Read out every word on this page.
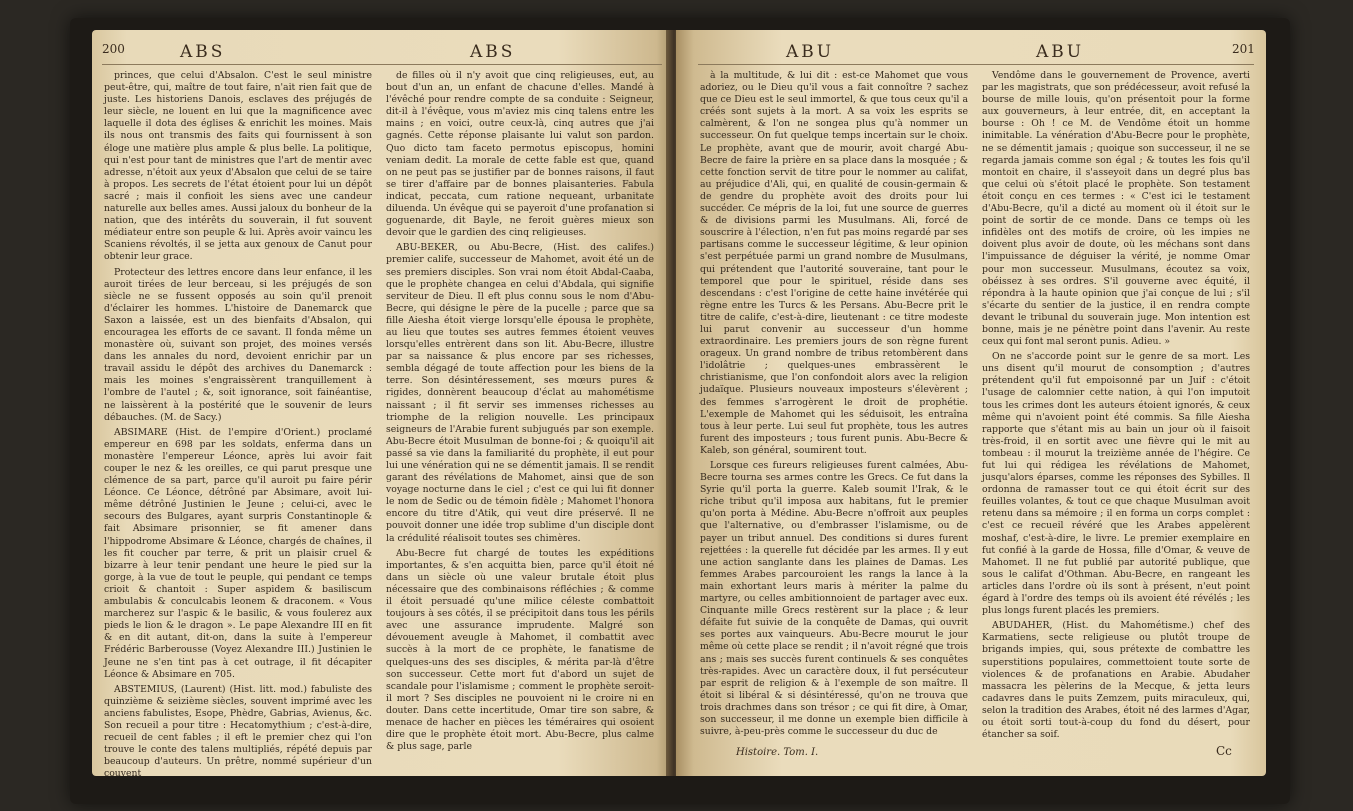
200	ABS	ABS

princes, que celui d'Absalon. C'est le seul ministre peut-être, qui, maître de tout faire, n'ait rien fait que de juste. Les historiens Danois, esclaves des préjugés de leur siècle, ne louent en lui que la magnificence avec laquelle il dota des églises & enrichit les moines. Mais ils nous ont transmis des faits qui fournissent à son éloge une matière plus ample & plus belle. La politique, qui n'est pour tant de ministres que l'art de mentir avec adresse, n'étoit aux yeux d'Absalon que celui de se taire à propos. Les secrets de l'état étoient pour lui un dépôt sacré ; mais il confioit les siens avec une candeur naturelle aux belles ames. Aussi jaloux du bonheur de la nation, que des intérêts du souverain, il fut souvent médiateur entre son peuple & lui. Après avoir vaincu les Scaniens révoltés, il se jetta aux genoux de Canut pour obtenir leur grace.

Protecteur des lettres encore dans leur enfance, il les auroit tirées de leur berceau, si les préjugés de son siècle ne se fussent opposés au soin qu'il prenoit d'éclairer les hommes. L'histoire de Danemarck que Saxon a laissée, est un des bienfaits d'Absalon, qui encouragea les efforts de ce savant. Il fonda même un monastère où, suivant son projet, des moines versés dans les annales du nord, devoient enrichir par un travail assidu le dépôt des archives du Danemarck : mais les moines s'engraissèrent tranquillement à l'ombre de l'autel ; &, soit ignorance, soit fainéantise, ne laissèrent à la postérité que le souvenir de leurs débauches. (M. de Sacy.)

ABSIMARE (Hist. de l'empire d'Orient.) proclamé empereur en 698 par les soldats, enferma dans un monastère l'empereur Léonce, après lui avoir fait couper le nez & les oreilles, ce qui parut presque une clémence de sa part, parce qu'il auroit pu faire périr Léonce. Ce Léonce, détrôné par Absimare, avoit lui-même détrôné Justinien le Jeune ; celui-ci, avec le secours des Bulgares, ayant surpris Constantinople & fait Absimare prisonnier, se fit amener dans l'hippodrome Absimare & Léonce, chargés de chaînes, il les fit coucher par terre, & prit un plaisir cruel & bizarre à leur tenir pendant une heure le pied sur la gorge, à la vue de tout le peuple, qui pendant ce temps crioit & chantoit : Super aspidem & basiliscum ambulabis & conculcabis leonem & draconem. « Vous marcherez sur l'aspic & le basilic, & vous foulerez aux pieds le lion & le dragon ». Le pape Alexandre III en fit & en dit autant, dit-on, dans la suite à l'empereur Frédéric Barberousse (Voyez Alexandre III.) Justinien le Jeune ne s'en tint pas à cet outrage, il fit décapiter Léonce & Absimare en 705.

ABSTEMIUS, (Laurent) (Hist. litt. mod.) fabuliste des quinzième & seizième siècles, souvent imprimé avec les anciens fabulistes, Esope, Phèdre, Gabrias, Avienus, &c. Son recueil a pour titre : Hecatomythium ; c'est-à-dire, recueil de cent fables ; il eft le premier chez qui l'on trouve le conte des talens multipliés, répété depuis par beaucoup d'auteurs. Un prêtre, nommé supérieur d'un couvent

de filles où il n'y avoit que cinq religieuses, eut, au bout d'un an, un enfant de chacune d'elles. Mandé à l'évêché pour rendre compte de sa conduite : Seigneur, dit-il à l'évêque, vous m'aviez mis cinq talens entre les mains ; en voici, outre ceux-là, cinq autres que j'ai gagnés. Cette réponse plaisante lui valut son pardon. Quo dicto tam faceto permotus episcopus, homini veniam dedit. La morale de cette fable est que, quand on ne peut pas se justifier par de bonnes raisons, il faut se tirer d'affaire par de bonnes plaisanteries. Fabula indicat, peccata, cum ratione nequeant, urbanitate diluenda. Un évêque qui se payeroit d'une profanation si goguenarde, dit Bayle, ne feroit guères mieux son devoir que le gardien des cinq religieuses.

ABU-BEKER, ou Abu-Becre, (Hist. des califes.) premier calife, successeur de Mahomet, avoit été un de ses premiers disciples. Son vrai nom étoit Abdal-Caaba, que le prophète changea en celui d'Abdala, qui signifie serviteur de Dieu. Il eft plus connu sous le nom d'Abu-Becre, qui désigne le père de la pucelle ; parce que sa fille Aiesha étoit vierge lorsqu'elle épousa le prophète, au lieu que toutes ses autres femmes étoient veuves lorsqu'elles entrèrent dans son lit. Abu-Becre, illustre par sa naissance & plus encore par ses richesses, sembla dégagé de toute affection pour les biens de la terre. Son désintéressement, ses mœurs pures & rigides, donnèrent beaucoup d'éclat au mahométisme naissant ; il fit servir ses immenses richesses au triomphe de la religion nouvelle. Les principaux seigneurs de l'Arabie furent subjugués par son exemple. Abu-Becre étoit Musulman de bonne-foi ; & quoiqu'il ait passé sa vie dans la familiarité du prophète, il eut pour lui une vénération qui ne se démentit jamais. Il se rendit garant des révélations de Mahomet, ainsi que de son voyage nocturne dans le ciel ; c'est ce qui lui fit donner le nom de Sedic ou de témoin fidèle ; Mahomet l'honora encore du titre d'Atik, qui veut dire préservé. Il ne pouvoit donner une idée trop sublime d'un disciple dont la crédulité réalisoit toutes ses chimères.

Abu-Becre fut chargé de toutes les expéditions importantes, & s'en acquitta bien, parce qu'il étoit né dans un siècle où une valeur brutale étoit plus nécessaire que des combinaisons réfléchies ; & comme il étoit persuadé qu'une milice céleste combattoit toujours à ses côtés, il se précipitoit dans tous les périls avec une assurance imprudente. Malgré son dévouement aveugle à Mahomet, il combattit avec succès à la mort de ce prophète, le fanatisme de quelques-uns des ses disciples, & mérita par-là d'être son successeur. Cette mort fut d'abord un sujet de scandale pour l'islamisme ; comment le prophète seroit-il mort ? Ses disciples ne pouvoient ni le croire ni en douter. Dans cette incertitude, Omar tire son sabre, & menace de hacher en pièces les téméraires qui osoient dire que le prophète étoit mort. Abu-Becre, plus calme & plus sage, parle

ABU	ABU	201

à la multitude, & lui dit : est-ce Mahomet que vous adoriez, ou le Dieu qu'il vous a fait connoître ? sachez que ce Dieu est le seul immortel, & que tous ceux qu'il a créés sont sujets à la mort. A sa voix les esprits se calmèrent, & l'on ne songea plus qu'à nommer un successeur. On fut quelque temps incertain sur le choix. Le prophète, avant que de mourir, avoit chargé Abu-Becre de faire la prière en sa place dans la mosquée ; & cette fonction servit de titre pour le nommer au califat, au préjudice d'Ali, qui, en qualité de cousin-germain & de gendre du prophète avoit des droits pour lui succéder. Ce mépris de la loi, fut une source de guerres & de divisions parmi les Musulmans. Ali, forcé de souscrire à l'élection, n'en fut pas moins regardé par ses partisans comme le successeur légitime, & leur opinion s'est perpétuée parmi un grand nombre de Musulmans, qui prétendent que l'autorité souveraine, tant pour le temporel que pour le spirituel, réside dans ses descendans : c'est l'origine de cette haine invétérée qui règne entre les Turcs & les Persans. Abu-Becre prit le titre de calife, c'est-à-dire, lieutenant : ce titre modeste lui parut convenir au successeur d'un homme extraordinaire. Les premiers jours de son règne furent orageux. Un grand nombre de tribus retombèrent dans l'idolâtrie ; quelques-unes embrassèrent le christianisme, que l'on confondoit alors avec la religion judaïque. Plusieurs nouveaux imposteurs s'élevèrent ; des femmes s'arrogèrent le droit de prophétie. L'exemple de Mahomet qui les séduisoit, les entraîna tous à leur perte. Lui seul fut prophète, tous les autres furent des imposteurs ; tous furent punis. Abu-Becre & Kaleb, son général, soumirent tout.

Lorsque ces fureurs religieuses furent calmées, Abu-Becre tourna ses armes contre les Grecs. Ce fut dans la Syrie qu'il porta la guerre. Kaleb soumit l'Irak, & le riche tribut qu'il imposa aux habitans, fut le premier qu'on porta à Médine. Abu-Becre n'offroit aux peuples que l'alternative, ou d'embrasser l'islamisme, ou de payer un tribut annuel. Des conditions si dures furent rejettées : la querelle fut décidée par les armes. Il y eut une action sanglante dans les plaines de Damas. Les femmes Arabes parcouroient les rangs la lance à la main exhortant leurs maris à mériter la palme du martyre, ou celles ambitionnoient de partager avec eux. Cinquante mille Grecs restèrent sur la place ; & leur défaite fut suivie de la conquête de Damas, qui ouvrit ses portes aux vainqueurs. Abu-Becre mourut le jour même où cette place se rendit ; il n'avoit régné que trois ans ; mais ses succès furent continuels & ses conquêtes très-rapides. Avec un caractère doux, il fut persécuteur par esprit de religion & à l'exemple de son maître. Il étoit si libéral & si désintéressé, qu'on ne trouva que trois drachmes dans son trésor ; ce qui fit dire, à Omar, son successeur, il me donne un exemple bien difficile à suivre, à-peu-près comme le successeur du duc de

Vendôme dans le gouvernement de Provence, averti par les magistrats, que son prédécesseur, avoit refusé la bourse de mille louis, qu'on présentoit pour la forme aux gouverneurs, à leur entrée, dit, en acceptant la bourse : Oh ! ce M. de Vendôme étoit un homme inimitable. La vénération d'Abu-Becre pour le prophète, ne se démentit jamais ; quoique son successeur, il ne se regarda jamais comme son égal ; & toutes les fois qu'il montoit en chaire, il s'asseyoit dans un degré plus bas que celui où s'étoit placé le prophète. Son testament étoit conçu en ces termes : « C'est ici le testament d'Abu-Becre, qu'il a dicté au moment où il étoit sur le point de sortir de ce monde. Dans ce temps où les infidèles ont des motifs de croire, où les impies ne doivent plus avoir de doute, où les méchans sont dans l'impuissance de déguiser la vérité, je nomme Omar pour mon successeur. Musulmans, écoutez sa voix, obéissez à ses ordres. S'il gouverne avec équité, il répondra à la haute opinion que j'ai conçue de lui ; s'il s'écarte du sentier de la justice, il en rendra compte devant le tribunal du souverain juge. Mon intention est bonne, mais je ne pénètre point dans l'avenir. Au reste ceux qui font mal seront punis. Adieu. »

On ne s'accorde point sur le genre de sa mort. Les uns disent qu'il mourut de consomption ; d'autres prétendent qu'il fut empoisonné par un Juif : c'étoit l'usage de calomnier cette nation, à qui l'on imputoit tous les crimes dont les auteurs étoient ignorés, & ceux même qui n'avoient point été commis. Sa fille Aiesha rapporte que s'étant mis au bain un jour où il faisoit très-froid, il en sortit avec une fièvre qui le mit au tombeau : il mourut la treizième année de l'hégire. Ce fut lui qui rédigea les révélations de Mahomet, jusqu'alors éparses, comme les réponses des Sybilles. Il ordonna de ramasser tout ce qui étoit écrit sur des feuilles volantes, & tout ce que chaque Musulman avoit retenu dans sa mémoire ; il en forma un corps complet : c'est ce recueil révéré que les Arabes appelèrent moshaf, c'est-à-dire, le livre. Le premier exemplaire en fut confié à la garde de Hossa, fille d'Omar, & veuve de Mahomet. Il ne fut publié par autorité publique, que sous le califat d'Othman. Abu-Becre, en rangeant les articles dans l'ordre où ils sont à présent, n'eut point égard à l'ordre des temps où ils avoient été révélés ; les plus longs furent placés les premiers.

ABUDAHER, (Hist. du Mahométisme.) chef des Karmatiens, secte religieuse ou plutôt troupe de brigands impies, qui, sous prétexte de combattre les superstitions populaires, commettoient toute sorte de violences & de profanations en Arabie. Abudaher massacra les pèlerins de la Mecque, & jetta leurs cadavres dans le puits Zemzem, puits miraculeux, qui, selon la tradition des Arabes, étoit né des larmes d'Agar, ou étoit sorti tout-à-coup du fond du désert, pour étancher sa soif.

Histoire. Tom. I.	Cc
